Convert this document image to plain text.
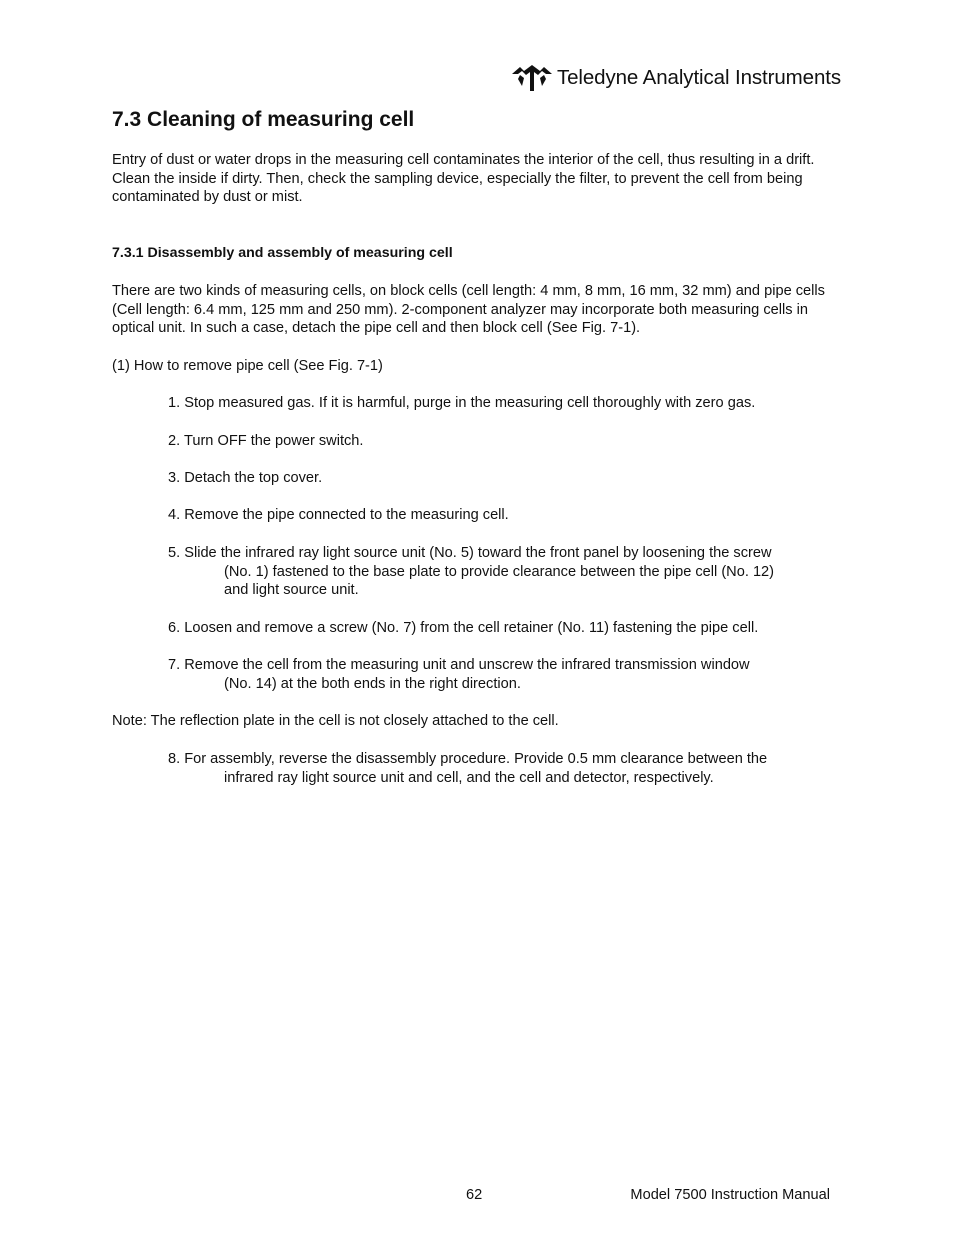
Teledyne Analytical Instruments
7.3 Cleaning of measuring cell

Entry of dust or water drops in the measuring cell contaminates the interior of the cell, thus resulting in a drift. Clean the inside if dirty. Then, check the sampling device, especially the filter, to prevent the cell from being contaminated by dust or mist.

7.3.1 Disassembly and assembly of measuring cell

There are two kinds of measuring cells, on block cells (cell length: 4 mm, 8 mm, 16 mm, 32 mm) and pipe cells (Cell length: 6.4 mm, 125 mm and 250 mm). 2-component analyzer may incorporate both measuring cells in optical unit. In such a case, detach the pipe cell and then block cell (See Fig. 7-1).

(1) How to remove pipe cell (See Fig. 7-1)

1. Stop measured gas. If it is harmful, purge in the measuring cell thoroughly with zero gas.
2. Turn OFF the power switch.
3. Detach the top cover.
4. Remove the pipe connected to the measuring cell.
5. Slide the infrared ray light source unit (No. 5) toward the front panel by loosening the screw
(No. 1) fastened to the base plate to provide clearance between the pipe cell (No. 12)
and light source unit.
6. Loosen and remove a screw (No. 7) from the cell retainer (No. 11) fastening the pipe cell.
7. Remove the cell from the measuring unit and unscrew the infrared transmission window
(No. 14) at the both ends in the right direction.

Note: The reflection plate in the cell is not closely attached to the cell.

8. For assembly, reverse the disassembly procedure. Provide 0.5 mm clearance between the
infrared ray light source unit and cell, and the cell and detector, respectively.
62	Model 7500 Instruction Manual
